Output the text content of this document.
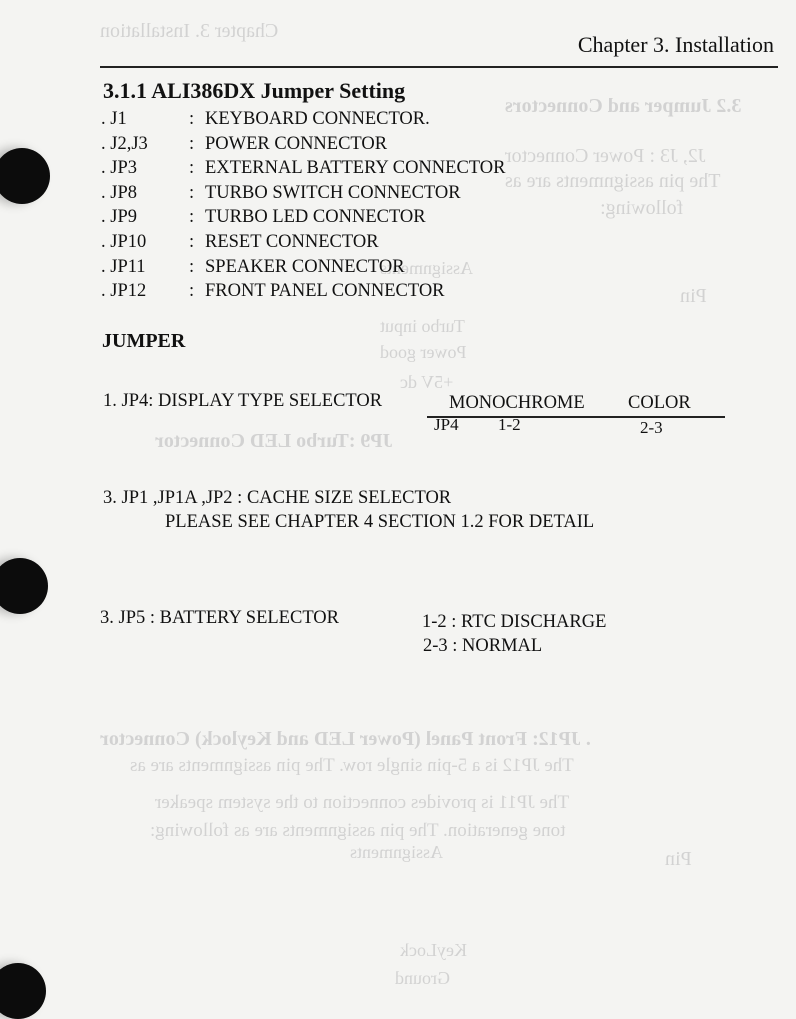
Chapter 3. Installation
3.2 Jumper and Connectors
J2, J3 : Power Connector
The pin assignments are as
following:
Pin
Assignments
Turbo input
Power good
+5V dc
JP9 :Turbo LED Connector
. JP12: Front Panel (Power LED and Keylock) Connector
The JP12 is a 5-pin single row. The pin assignments are as
The JP11 is provides connection to the system speaker
tone generation. The pin assignments are as following:
Pin
Assignments
KeyLock
Ground
Chapter 3. Installation
3.1.1 ALI386DX Jumper Setting
. J1	: KEYBOARD CONNECTOR.
. J2,J3 : POWER CONNECTOR
. JP3	: EXTERNAL BATTERY CONNECTOR
. JP8	: TURBO SWITCH CONNECTOR
. JP9	: TURBO LED CONNECTOR
. JP10 : RESET CONNECTOR
. JP11 : SPEAKER CONNECTOR
. JP12 : FRONT PANEL CONNECTOR
JUMPER
1. JP4: DISPLAY TYPE SELECTOR	MONOCHROME COLOR
JP4 1-2	2-3
3. JP1 ,JP1A ,JP2 : CACHE SIZE SELECTOR
PLEASE SEE CHAPTER 4 SECTION 1.2 FOR DETAIL
3. JP5 : BATTERY SELECTOR	1-2 : RTC DISCHARGE
2-3 : NORMAL
